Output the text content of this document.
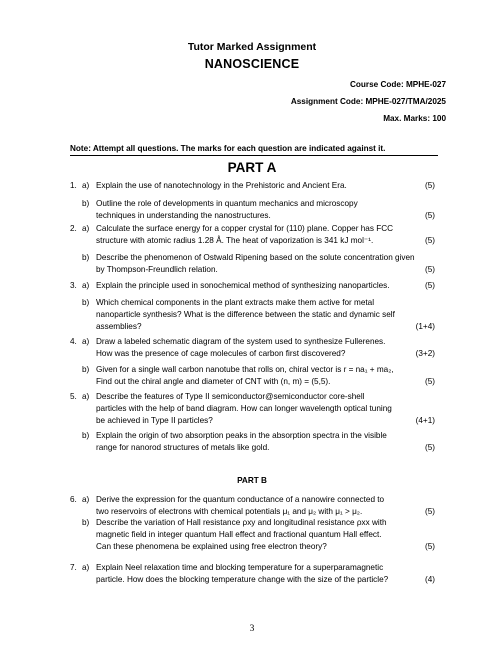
Tutor Marked Assignment
NANOSCIENCE
Course Code: MPHE-027
Assignment Code: MPHE-027/TMA/2025
Max. Marks: 100
Note: Attempt all questions. The marks for each question are indicated against it.
PART A
1. a) Explain the use of nanotechnology in the Prehistoric and Ancient Era.	(5)
b) Outline the role of developments in quantum mechanics and microscopy
techniques in understanding the nanostructures.	(5)
2. a) Calculate the surface energy for a copper crystal for (110) plane. Copper has FCC
structure with atomic radius 1.28 Å. The heat of vaporization is 341 kJ mol⁻¹.	(5)
b) Describe the phenomenon of Ostwald Ripening based on the solute concentration given
by Thompson-Freundlich relation.	(5)
3. a) Explain the principle used in sonochemical method of synthesizing nanoparticles.	(5)
b) Which chemical components in the plant extracts make them active for metal
nanoparticle synthesis? What is the difference between the static and dynamic self
assemblies?	(1+4)
4. a) Draw a labeled schematic diagram of the system used to synthesize Fullerenes.
How was the presence of cage molecules of carbon first discovered?	(3+2)
b) Given for a single wall carbon nanotube that rolls on, chiral vector is r = na₁ + ma₂,
Find out the chiral angle and diameter of CNT with (n, m) = (5,5).	(5)
5. a) Describe the features of Type II semiconductor@semiconductor core-shell
particles with the help of band diagram. How can longer wavelength optical tuning
be achieved in Type II particles?	(4+1)
b) Explain the origin of two absorption peaks in the absorption spectra in the visible
range for nanorod structures of metals like gold.	(5)
PART B
6. a) Derive the expression for the quantum conductance of a nanowire connected to
two reservoirs of electrons with chemical potentials μ₁ and μ₂ with μ₁ > μ₂.	(5)
b) Describe the variation of Hall resistance ρxy and longitudinal resistance ρxx with
magnetic field in integer quantum Hall effect and fractional quantum Hall effect.
Can these phenomena be explained using free electron theory?	(5)
7. a) Explain Neel relaxation time and blocking temperature for a superparamagnetic
particle. How does the blocking temperature change with the size of the particle?	(4)
3
